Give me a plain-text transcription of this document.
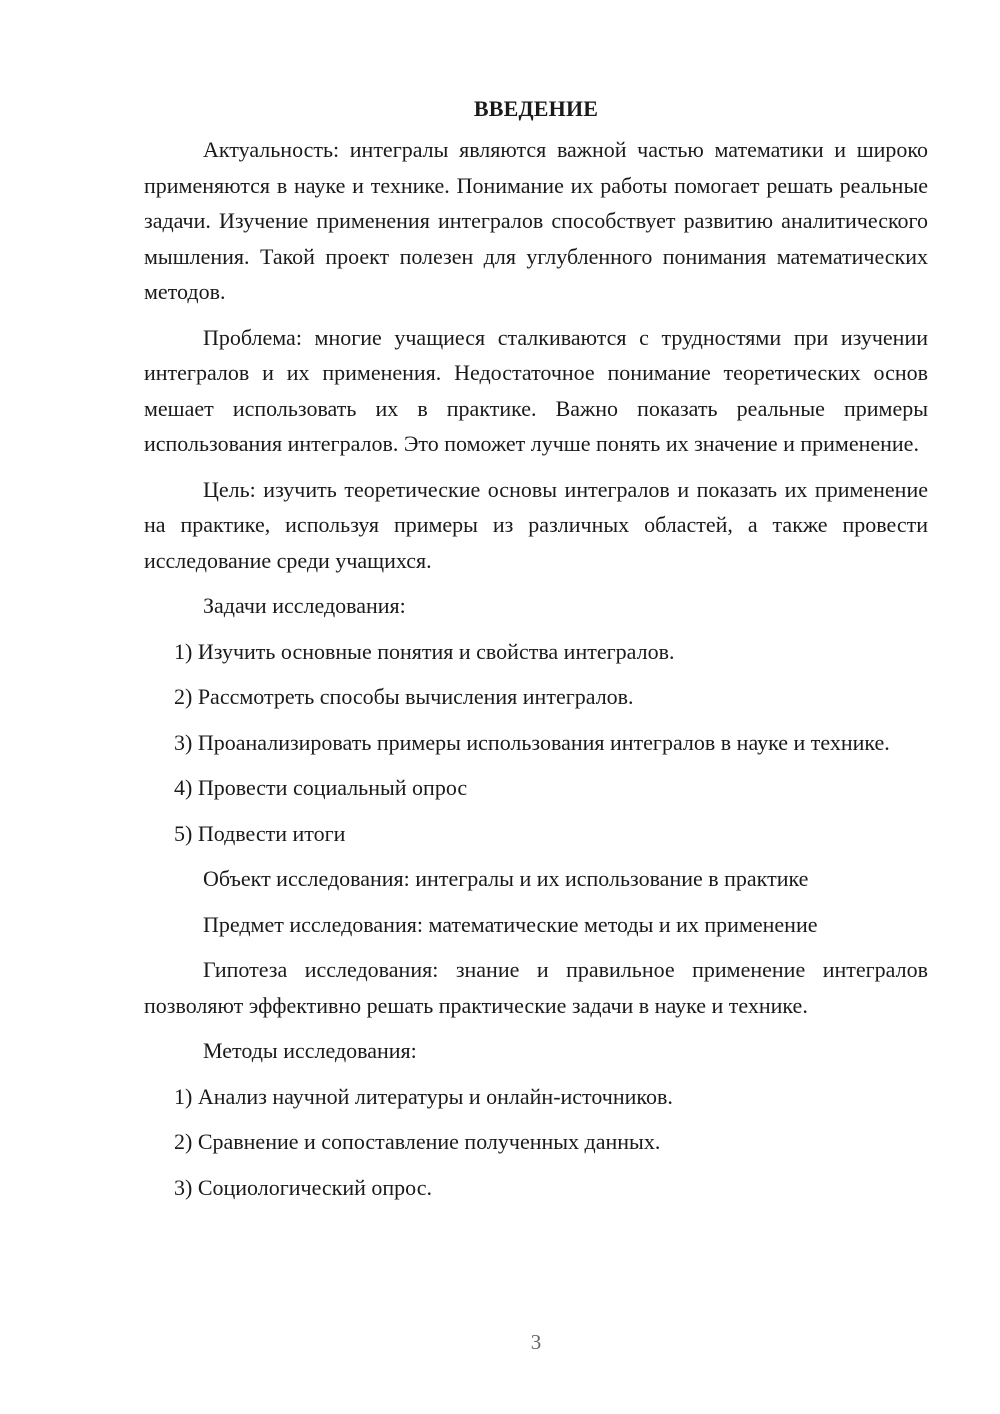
ВВЕДЕНИЕ

Актуальность: интегралы являются важной частью математики и широко применяются в науке и технике. Понимание их работы помогает решать реальные задачи. Изучение применения интегралов способствует развитию аналитического мышления. Такой проект полезен для углубленного понимания математических методов.

Проблема: многие учащиеся сталкиваются с трудностями при изучении интегралов и их применения. Недостаточное понимание теоретических основ мешает использовать их в практике. Важно показать реальные примеры использования интегралов. Это поможет лучше понять их значение и применение.

Цель: изучить теоретические основы интегралов и показать их применение на практике, используя примеры из различных областей, а также провести исследование среди учащихся.

Задачи исследования:

1) Изучить основные понятия и свойства интегралов.

2) Рассмотреть способы вычисления интегралов.

3) Проанализировать примеры использования интегралов в науке и технике.

4) Провести социальный опрос

5) Подвести итоги

Объект исследования: интегралы и их использование в практике

Предмет исследования: математические методы и их применение

Гипотеза исследования: знание и правильное применение интегралов позволяют эффективно решать практические задачи в науке и технике.

Методы исследования:

1) Анализ научной литературы и онлайн-источников.

2) Сравнение и сопоставление полученных данных.

3) Социологический опрос.

3
